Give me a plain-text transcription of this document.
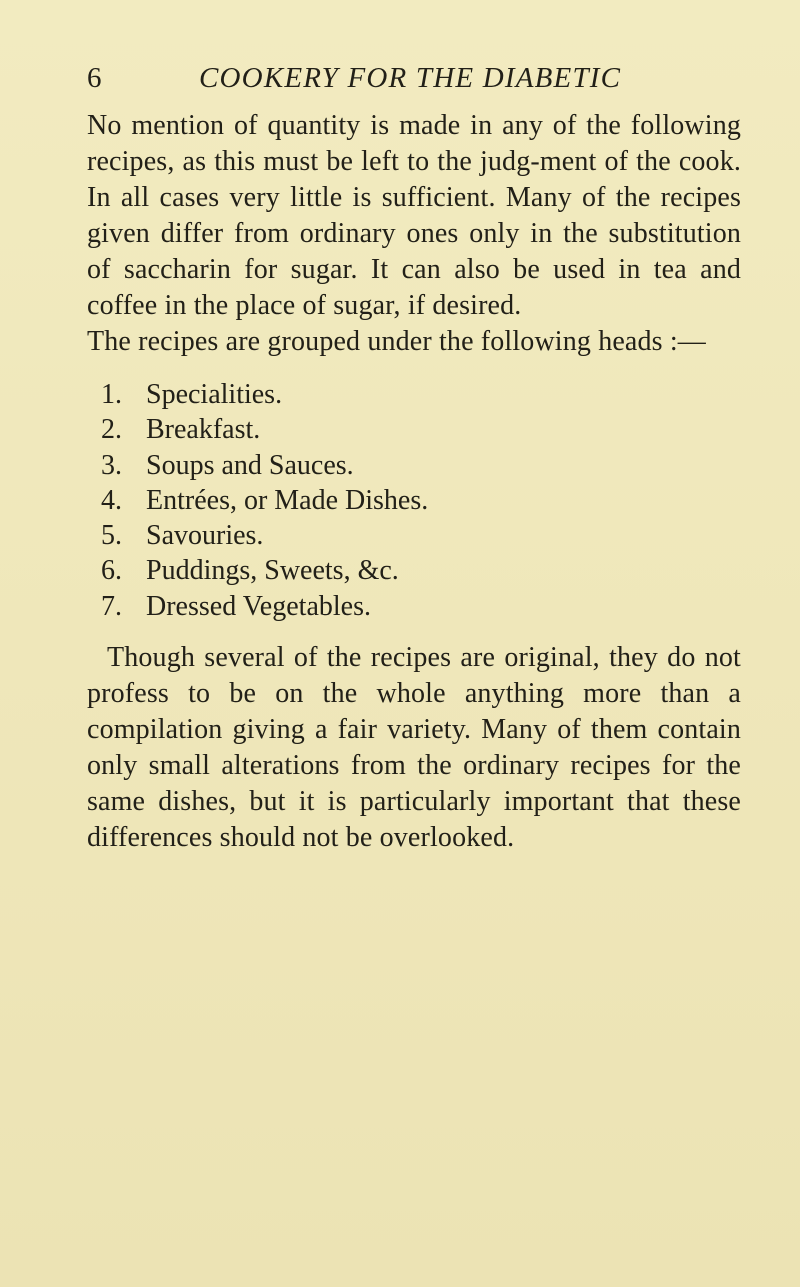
6	COOKERY FOR THE DIABETIC

No mention of quantity is made in any of the following recipes, as this must be left to the judg-ment of the cook. In all cases very little is sufficient. Many of the recipes given differ from ordinary ones only in the substitution of saccharin for sugar. It can also be used in tea and coffee in the place of sugar, if desired.

The recipes are grouped under the following heads :—

1. Specialities.
2. Breakfast.
3. Soups and Sauces.
4. Entrées, or Made Dishes.
5. Savouries.
6. Puddings, Sweets, &c.
7. Dressed Vegetables.

Though several of the recipes are original, they do not profess to be on the whole anything more than a compilation giving a fair variety. Many of them contain only small alterations from the ordinary recipes for the same dishes, but it is particularly important that these differences should not be overlooked.
